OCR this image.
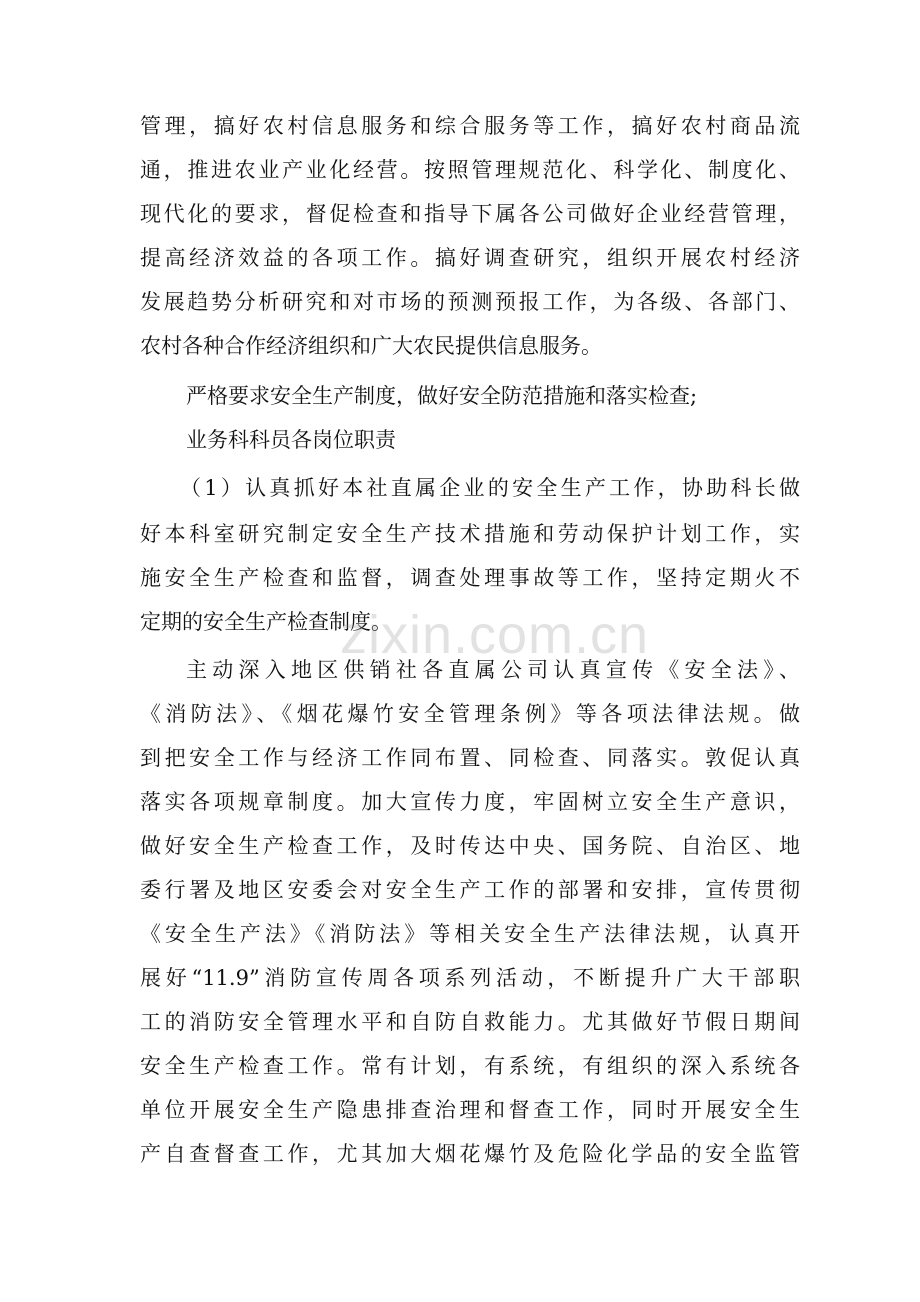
管理，搞好农村信息服务和综合服务等工作，搞好农村商品流
通，推进农业产业化经营。按照管理规范化、科学化、制度化、
现代化的要求，督促检查和指导下属各公司做好企业经营管理，
提高经济效益的各项工作。搞好调查研究，组织开展农村经济
发展趋势分析研究和对市场的预测预报工作，为各级、各部门、
农村各种合作经济组织和广大农民提供信息服务。
严格要求安全生产制度，做好安全防范措施和落实检查;
业务科科员各岗位职责
（1）认真抓好本社直属企业的安全生产工作，协助科长做
好本科室研究制定安全生产技术措施和劳动保护计划工作，实
施安全生产检查和监督，调查处理事故等工作，坚持定期火不
定期的安全生产检查制度。
主动深入地区供销社各直属公司认真宣传《安全法》、
《消防法》、《烟花爆竹安全管理条例》等各项法律法规。做
到把安全工作与经济工作同布置、同检查、同落实。敦促认真
落实各项规章制度。加大宣传力度，牢固树立安全生产意识，
做好安全生产检查工作，及时传达中央、国务院、自治区、地
委行署及地区安委会对安全生产工作的部署和安排，宣传贯彻
《安全生产法》《消防法》等相关安全生产法律法规，认真开
展好“11.9”消防宣传周各项系列活动，不断提升广大干部职
工的消防安全管理水平和自防自救能力。尤其做好节假日期间
安全生产检查工作。常有计划，有系统，有组织的深入系统各
单位开展安全生产隐患排查治理和督查工作，同时开展安全生
产自查督查工作，尤其加大烟花爆竹及危险化学品的安全监管
zixin.com.cn
